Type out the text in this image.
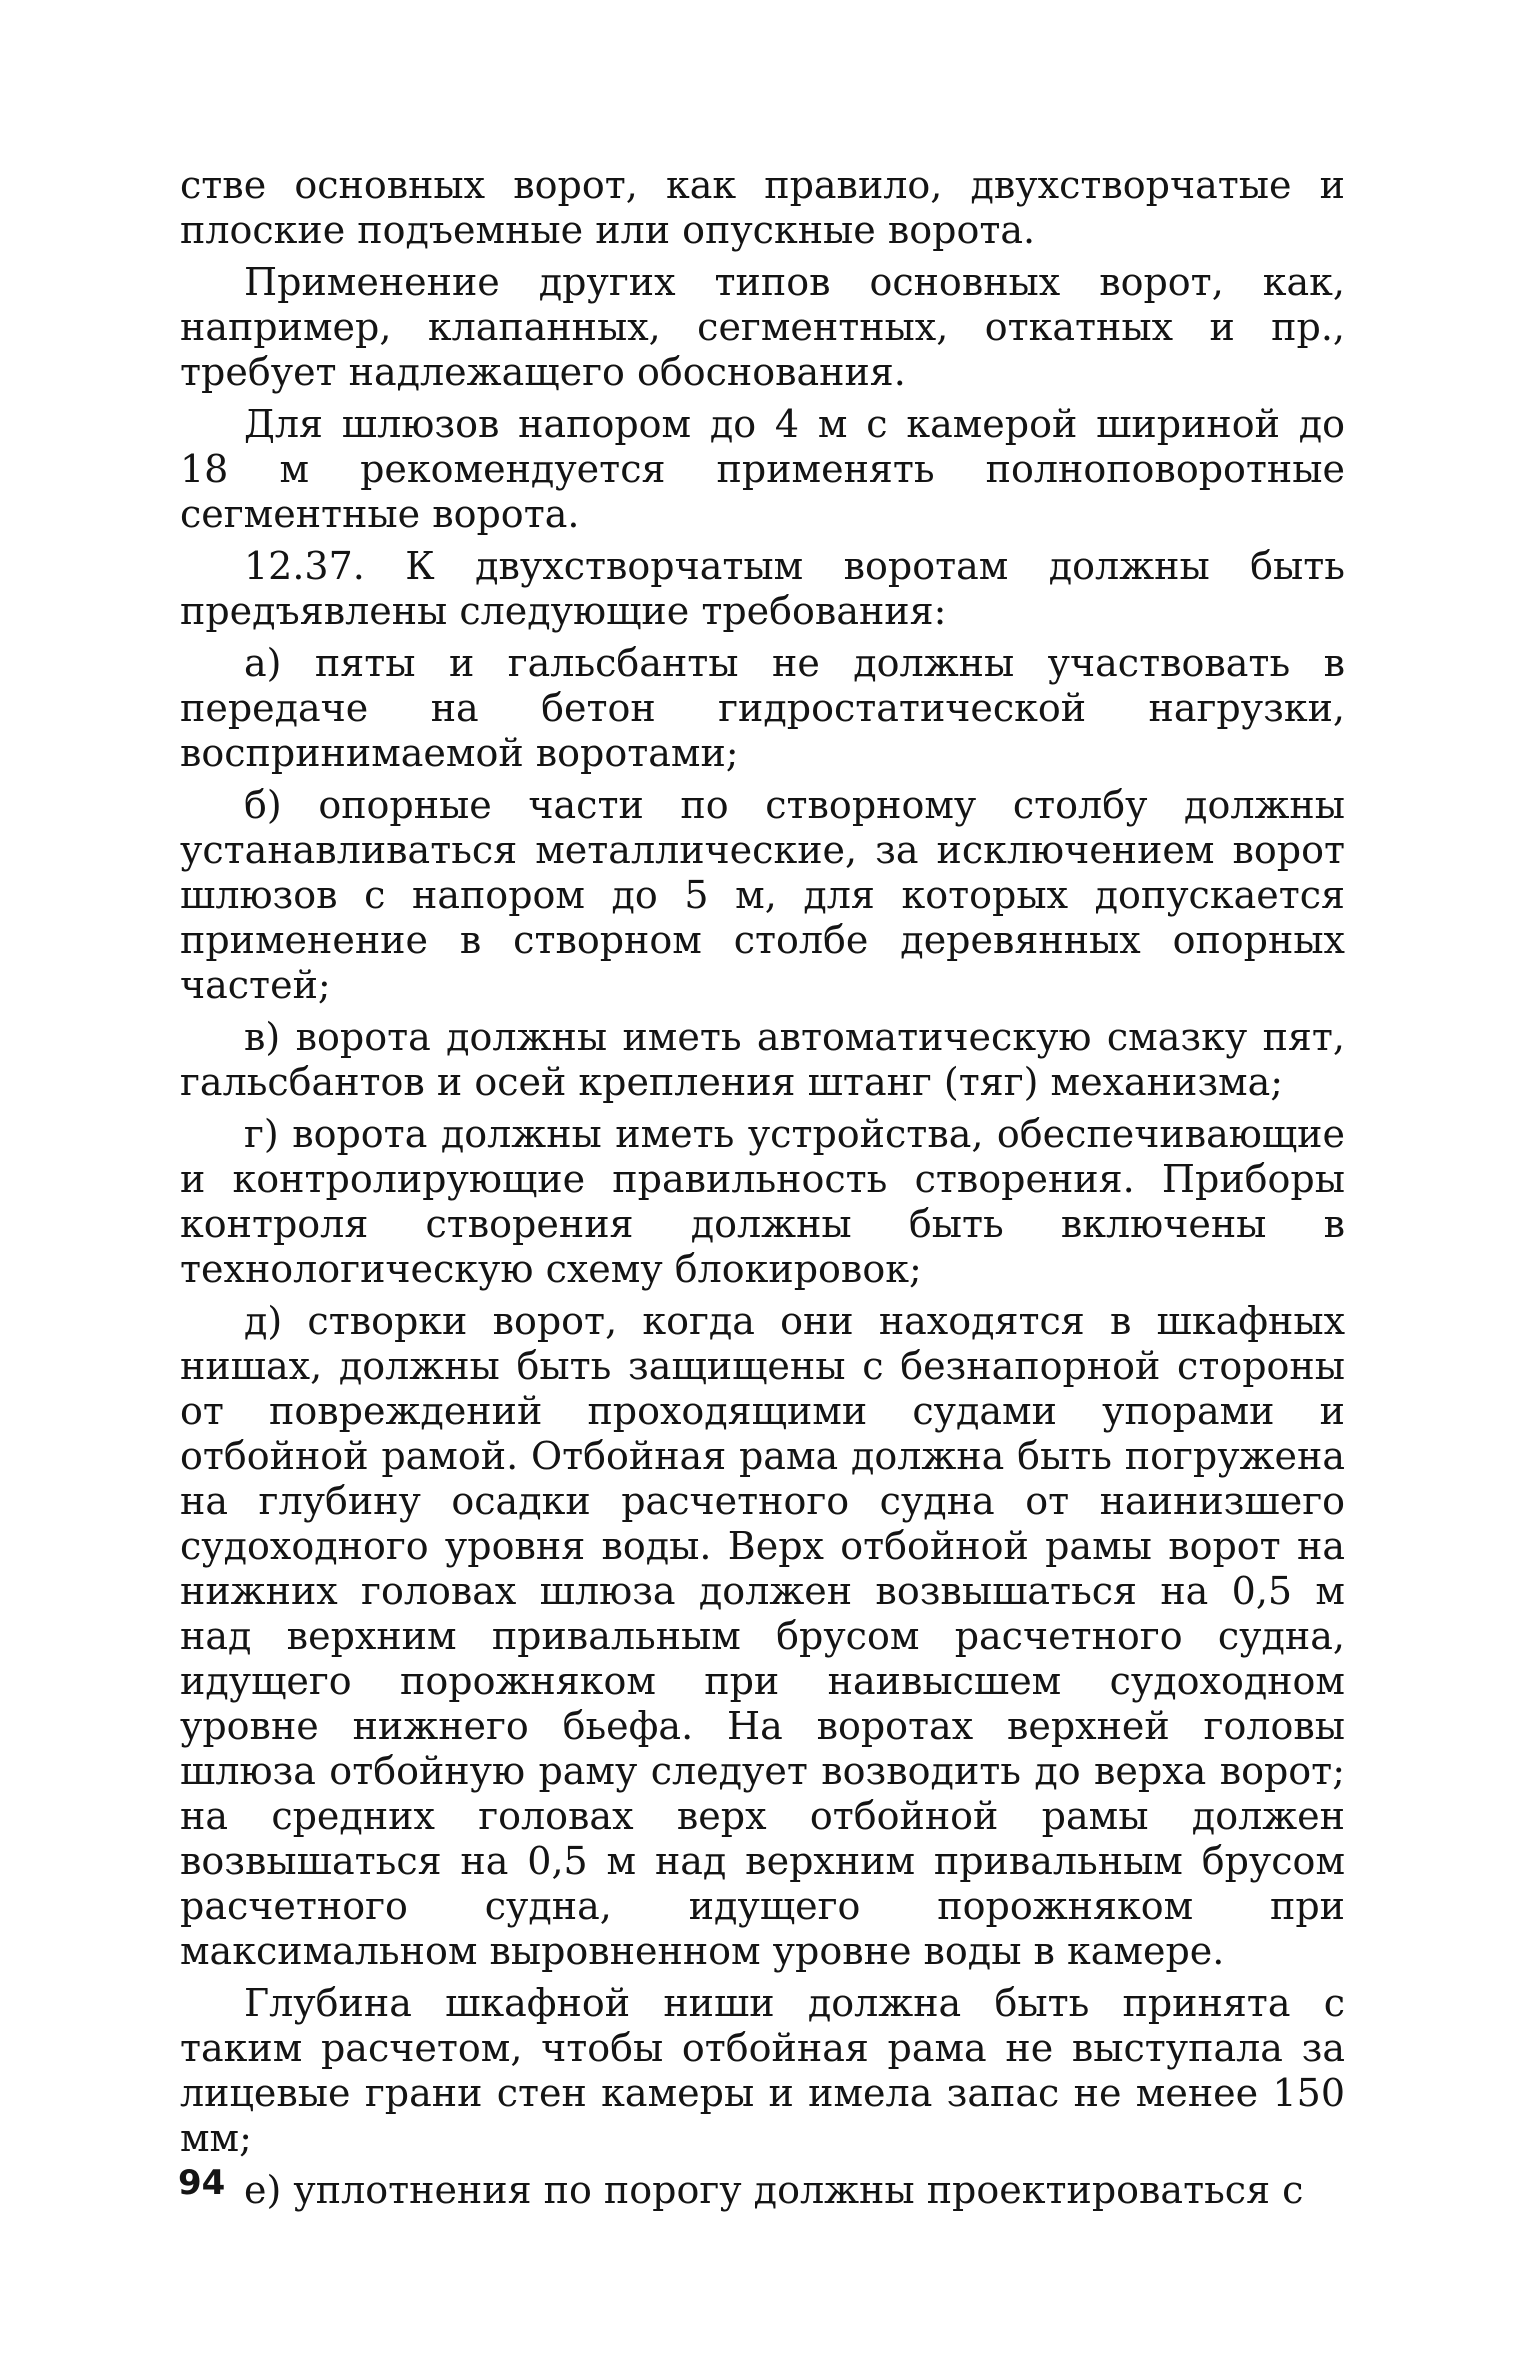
стве основных ворот, как правило, двухстворчатые и плоские подъемные или опускные ворота.

Применение других типов основных ворот, как, например, клапанных, сегментных, откатных и пр., требует надлежащего обоснования.

Для шлюзов напором до 4 м с камерой шириной до 18 м рекомендуется применять полноповоротные сегментные ворота.

12.37. К двухстворчатым воротам должны быть предъявлены следующие требования:

а) пяты и гальсбанты не должны участвовать в передаче на бетон гидростатической нагрузки, воспринимаемой воротами;

б) опорные части по створному столбу должны устанавливаться металлические, за исключением ворот шлюзов с напором до 5 м, для которых допускается применение в створном столбе деревянных опорных частей;

в) ворота должны иметь автоматическую смазку пят, гальсбантов и осей крепления штанг (тяг) механизма;

г) ворота должны иметь устройства, обеспечивающие и контролирующие правильность створения. Приборы контроля створения должны быть включены в технологическую схему блокировок;

д) створки ворот, когда они находятся в шкафных нишах, должны быть защищены с безнапорной стороны от повреждений проходящими судами упорами и отбойной рамой. Отбойная рама должна быть погружена на глубину осадки расчетного судна от наинизшего судоходного уровня воды. Верх отбойной рамы ворот на нижних головах шлюза должен возвышаться на 0,5 м над верхним привальным брусом расчетного судна, идущего порожняком при наивысшем судоходном уровне нижнего бьефа. На воротах верхней головы шлюза отбойную раму следует возводить до верха ворот; на средних головах верх отбойной рамы должен возвышаться на 0,5 м над верхним привальным брусом расчетного судна, идущего порожняком при максимальном выровненном уровне воды в камере.

Глубина шкафной ниши должна быть принята с таким расчетом, чтобы отбойная рама не выступала за лицевые грани стен камеры и имела запас не менее 150 мм;

е) уплотнения по порогу должны проектироваться с

94
